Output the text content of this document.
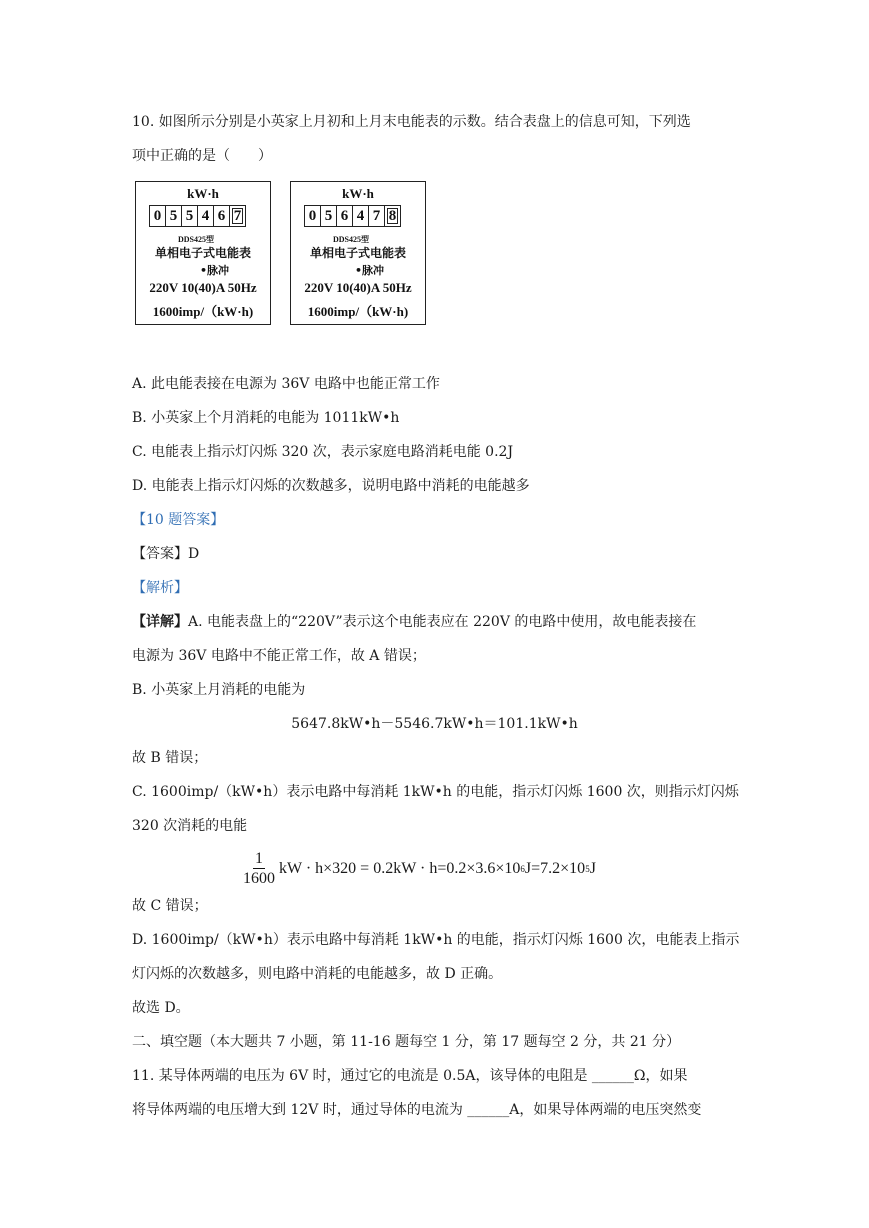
10. 如图所示分别是小英家上月初和上月末电能表的示数。结合表盘上的信息可知，下列选
项中正确的是（　　）
kW·h
0 5 5 4 6 7
DDS425型
单相电子式电能表
•脉冲
220V 10(40)A 50Hz
1600imp/（kW·h)
kW·h
0 5 6 4 7 8
DDS425型
单相电子式电能表
•脉冲
220V 10(40)A 50Hz
1600imp/（kW·h)
A. 此电能表接在电源为 36V 电路中也能正常工作
B. 小英家上个月消耗的电能为 1011kW•h
C. 电能表上指示灯闪烁 320 次，表示家庭电路消耗电能 0.2J
D. 电能表上指示灯闪烁的次数越多，说明电路中消耗的电能越多
【10 题答案】
【答案】D
【解析】
【详解】A. 电能表盘上的“220V”表示这个电能表应在 220V 的电路中使用，故电能表接在
电源为 36V 电路中不能正常工作，故 A 错误；
B. 小英家上月消耗的电能为
5647.8kW•h－5546.7kW•h＝101.1kW•h
故 B 错误；
C. 1600imp/（kW•h）表示电路中每消耗 1kW•h 的电能，指示灯闪烁 1600 次，则指示灯闪烁
320 次消耗的电能
$\frac{1}{1600}$ kW · h×320 = 0.2kW · h=0.2×3.6×10 6 J=7.2×10 5 J
故 C 错误；
D. 1600imp/（kW•h）表示电路中每消耗 1kW•h 的电能，指示灯闪烁 1600 次，电能表上指示
灯闪烁的次数越多，则电路中消耗的电能越多，故 D 正确。
故选 D。
二、填空题（本大题共 7 小题，第 11-16 题每空 1 分，第 17 题每空 2 分，共 21 分）
11. 某导体两端的电压为 6V 时，通过它的电流是 0.5A，该导体的电阻是 ______Ω，如果
将导体两端的电压增大到 12V 时，通过导体的电流为 ______A，如果导体两端的电压突然变
